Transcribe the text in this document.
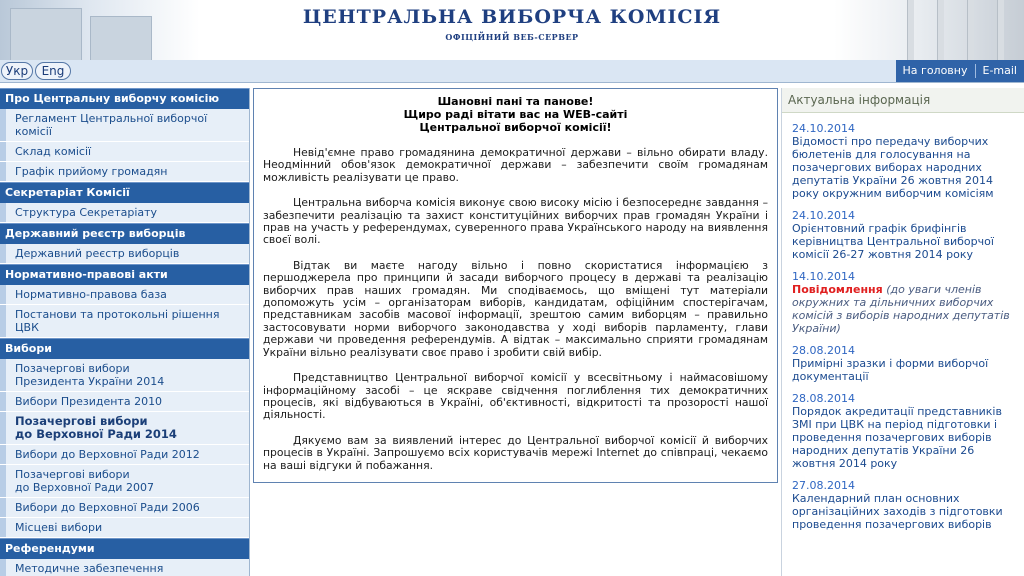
ЦЕНТРАЛЬНА ВИБОРЧА КОМІСІЯ
ОФІЦІЙНИЙ ВЕБ-СЕРВЕР
Укр	Eng	На головну	E-mail
Про Центральну виборчу комісію
Регламент Центральної виборчої комісії
Склад комісії
Графік прийому громадян
Секретаріат Комісії
Структура Секретаріату
Державний реєстр виборців
Державний реєстр виборців
Нормативно-правові акти
Нормативно-правова база
Постанови та протокольні рішення ЦВК
Вибори
Позачергові вибори
Президента України 2014
Вибори Президента 2010
Позачергові вибори
до Верховної Ради 2014
Вибори до Верховної Ради 2012
Позачергові вибори
до Верховної Ради 2007
Вибори до Верховної Ради 2006
Місцеві вибори
Референдуми
Методичне забезпечення
Шановні пані та панове!
Щиро раді вітати вас на WEB-сайті
Центральної виборчої комісії!

Невід'ємне право громадянина демократичної держави – вільно обирати владу. Неодмінний обов'язок демократичної держави – забезпечити своїм громадянам можливість реалізувати це право.

Центральна виборча комісія виконує свою високу місію і безпосереднє завдання – забезпечити реалізацію та захист конституційних виборчих прав громадян України і прав на участь у референдумах, суверенного права Українського народу на виявлення своєї волі.

Відтак ви маєте нагоду вільно і повно скористатися інформацією з першоджерела про принципи й засади виборчого процесу в державі та реалізацію виборчих прав наших громадян. Ми сподіваємось, що вміщені тут матеріали допоможуть усім – організаторам виборів, кандидатам, офіційним спостерігачам, представникам засобів масової інформації, зрештою самим виборцям – правильно застосовувати норми виборчого законодавства у ході виборів парламенту, глави держави чи проведення референдумів. А відтак – максимально сприяти громадянам України вільно реалізувати своє право і зробити свій вибір.

Представництво Центральної виборчої комісії у всесвітньому і наймасовішому інформаційному засобі – це яскраве свідчення поглиблення тих демократичних процесів, які відбуваються в Україні, об'єктивності, відкритості та прозорості нашої діяльності.

Дякуємо вам за виявлений інтерес до Центральної виборчої комісії й виборчих процесів в Україні. Запрошуємо всіх користувачів мережі Internet до співпраці, чекаємо на ваші відгуки й побажання.

Актуальна інформація
24.10.2014
Відомості про передачу виборчих бюлетенів для голосування на позачергових виборах народних депутатів України 26 жовтня 2014 року окружним виборчим комісіям
24.10.2014
Орієнтовний графік брифінгів керівництва Центральної виборчої комісії 26-27 жовтня 2014 року
14.10.2014
Повідомлення (до уваги членів окружних та дільничних виборчих комісій з виборів народних депутатів України)
28.08.2014
Примірні зразки і форми виборчої документації
28.08.2014
Порядок акредитації представників ЗМІ при ЦВК на період підготовки і проведення позачергових виборів народних депутатів України 26 жовтня 2014 року
27.08.2014
Календарний план основних організаційних заходів з підготовки проведення позачергових виборів
